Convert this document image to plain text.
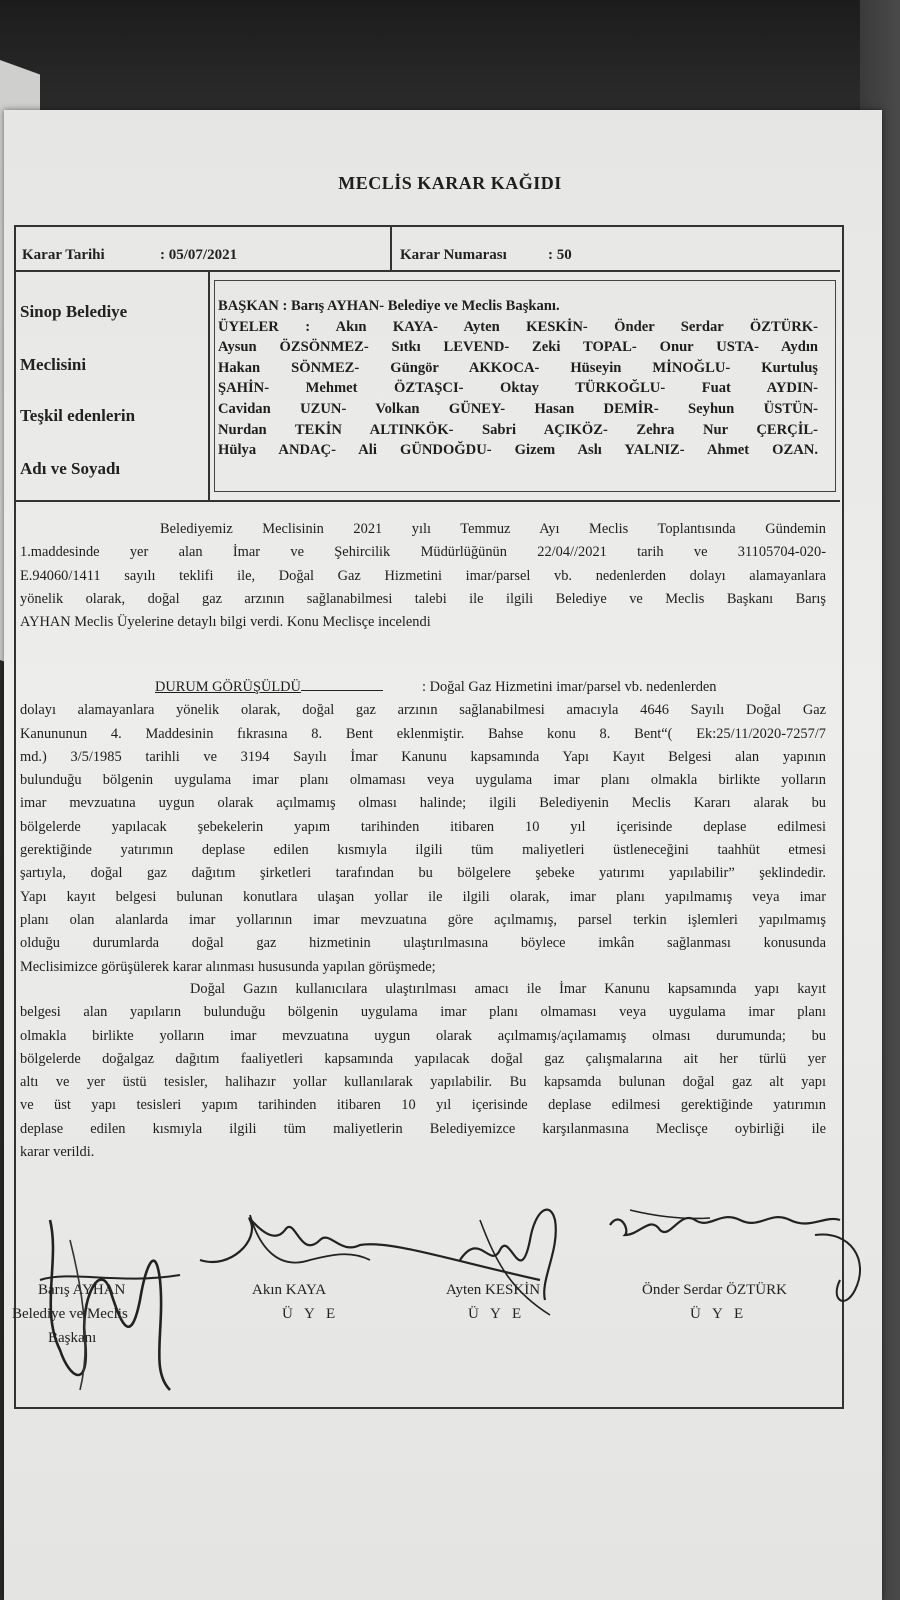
MECLİS KARAR KAĞIDI
Karar Tarihi	: 05/07/2021	Karar Numarası	: 50
Sinop Belediye
Meclisini
Teşkil edenlerin
Adı ve Soyadı
BAŞKAN : Barış AYHAN- Belediye ve Meclis Başkanı.
ÜYELER : Akın KAYA- Ayten KESKİN- Önder Serdar ÖZTÜRK-
Aysun ÖZSÖNMEZ- Sıtkı LEVEND- Zeki TOPAL- Onur USTA- Aydın
Hakan SÖNMEZ- Güngör AKKOCA- Hüseyin MİNOĞLU- Kurtuluş
ŞAHİN- Mehmet ÖZTAŞCI- Oktay TÜRKOĞLU- Fuat AYDIN-
Cavidan UZUN- Volkan GÜNEY- Hasan DEMİR- Seyhun ÜSTÜN-
Nurdan TEKİN ALTINKÖK- Sabri AÇIKÖZ- Zehra Nur ÇERÇİL-
Hülya ANDAÇ- Ali GÜNDOĞDU- Gizem Aslı YALNIZ- Ahmet OZAN.
Belediyemiz Meclisinin 2021 yılı Temmuz Ayı Meclis Toplantısında Gündemin
1.maddesinde yer alan İmar ve Şehircilik Müdürlüğünün 22/04//2021 tarih ve 31105704-020-
E.94060/1411 sayılı teklifi ile, Doğal Gaz Hizmetini imar/parsel vb. nedenlerden dolayı alamayanlara
yönelik olarak, doğal gaz arzının sağlanabilmesi talebi ile ilgili Belediye ve Meclis Başkanı Barış
AYHAN Meclis Üyelerine detaylı bilgi verdi. Konu Meclisçe incelendi
DURUM GÖRÜŞÜLDÜ	: Doğal Gaz Hizmetini imar/parsel vb. nedenlerden
dolayı alamayanlara yönelik olarak, doğal gaz arzının sağlanabilmesi amacıyla 4646 Sayılı Doğal Gaz
Kanununun 4. Maddesinin fıkrasına 8. Bent eklenmiştir. Bahse konu 8. Bent“( Ek:25/11/2020-7257/7
md.) 3/5/1985 tarihli ve 3194 Sayılı İmar Kanunu kapsamında Yapı Kayıt Belgesi alan yapının
bulunduğu bölgenin uygulama imar planı olmaması veya uygulama imar planı olmakla birlikte yolların
imar mevzuatına uygun olarak açılmamış olması halinde; ilgili Belediyenin Meclis Kararı alarak bu
bölgelerde yapılacak şebekelerin yapım tarihinden itibaren 10 yıl içerisinde deplase edilmesi
gerektiğinde yatırımın deplase edilen kısmıyla ilgili tüm maliyetleri üstleneceğini taahhüt etmesi
şartıyla, doğal gaz dağıtım şirketleri tarafından bu bölgelere şebeke yatırımı yapılabilir” şeklindedir.
Yapı kayıt belgesi bulunan konutlara ulaşan yollar ile ilgili olarak, imar planı yapılmamış veya imar
planı olan alanlarda imar yollarının imar mevzuatına göre açılmamış, parsel terkin işlemleri yapılmamış
olduğu durumlarda doğal gaz hizmetinin ulaştırılmasına böylece imkân sağlanması konusunda
Meclisimizce görüşülerek karar alınması hususunda yapılan görüşmede;
Doğal Gazın kullanıcılara ulaştırılması amacı ile İmar Kanunu kapsamında yapı kayıt
belgesi alan yapıların bulunduğu bölgenin uygulama imar planı olmaması veya uygulama imar planı
olmakla birlikte yolların imar mevzuatına uygun olarak açılmamış/açılamamış olması durumunda; bu
bölgelerde doğalgaz dağıtım faaliyetleri kapsamında yapılacak doğal gaz çalışmalarına ait her türlü yer
altı ve yer üstü tesisler, halihazır yollar kullanılarak yapılabilir. Bu kapsamda bulunan doğal gaz alt yapı
ve üst yapı tesisleri yapım tarihinden itibaren 10 yıl içerisinde deplase edilmesi gerektiğinde yatırımın
deplase edilen kısmıyla ilgili tüm maliyetlerin Belediyemizce karşılanmasına Meclisçe oybirliği ile
karar verildi.
Barış AYHAN
Belediye ve Meclis
Başkanı
Akın KAYA
Ü Y E
Ayten KESKİN
Ü Y E
Önder Serdar ÖZTÜRK
Ü Y E
